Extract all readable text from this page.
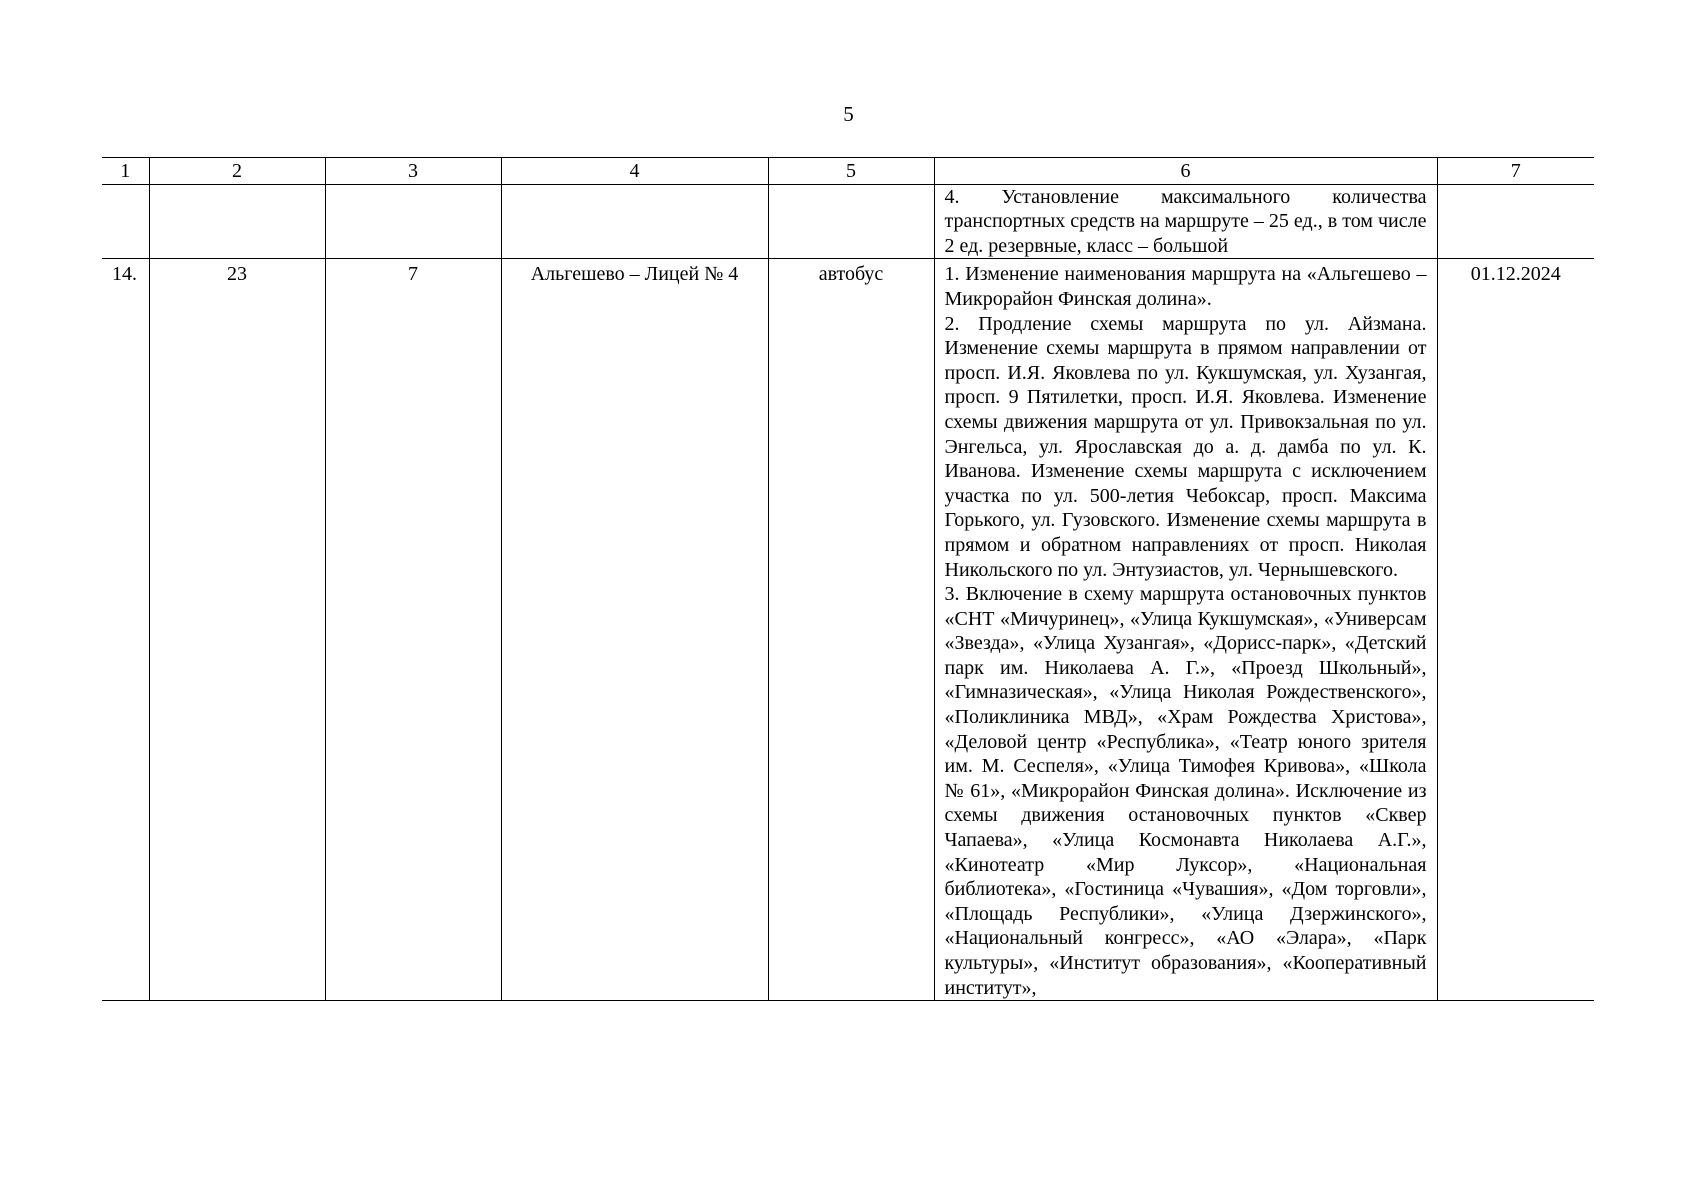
5
1	2	3	4	5	6	7

					4. Установление максимального количества транспортных средств на маршруте – 25 ед., в том числе 2 ед. резервные, класс – большой	

14.	23	7	Альгешево – Лицей № 4	автобус	1. Изменение наименования маршрута на «Альгешево – Микрорайон Финская долина».

2. Продление схемы маршрута по ул. Айзмана. Изменение схемы маршрута в прямом направлении от просп. И.Я. Яковлева по ул. Кукшумская, ул. Хузангая, просп. 9 Пятилетки, просп. И.Я. Яковлева. Изменение схемы движения маршрута от ул. Привокзальная по ул. Энгельса, ул. Ярославская до а. д. дамба по ул. К. Иванова. Изменение схемы маршрута с исключением участка по ул. 500-летия Чебоксар, просп. Максима Горького, ул. Гузовского. Изменение схемы маршрута в прямом и обратном направлениях от просп. Николая Никольского по ул. Энтузиастов, ул. Чернышевского.

3. Включение в схему маршрута остановочных пунктов «СНТ «Мичуринец», «Улица Кукшумская», «Универсам «Звезда», «Улица Хузангая», «Дорисс-парк», «Детский парк им. Николаева А. Г.», «Проезд Школьный», «Гимназическая», «Улица Николая Рождественского», «Поликлиника МВД», «Храм Рождества Христова», «Деловой центр «Республика», «Театр юного зрителя им. М. Сеспеля», «Улица Тимофея Кривова», «Школа № 61», «Микрорайон Финская долина». Исключение из схемы движения остановочных пунктов «Сквер Чапаева», «Улица Космонавта Николаева А.Г.», «Кинотеатр «Мир Луксор», «Национальная библиотека», «Гостиница «Чувашия», «Дом торговли», «Площадь Республики», «Улица Дзержинского», «Национальный конгресс», «АО «Элара», «Парк культуры», «Институт образования», «Кооперативный институт»,	01.12.2024
